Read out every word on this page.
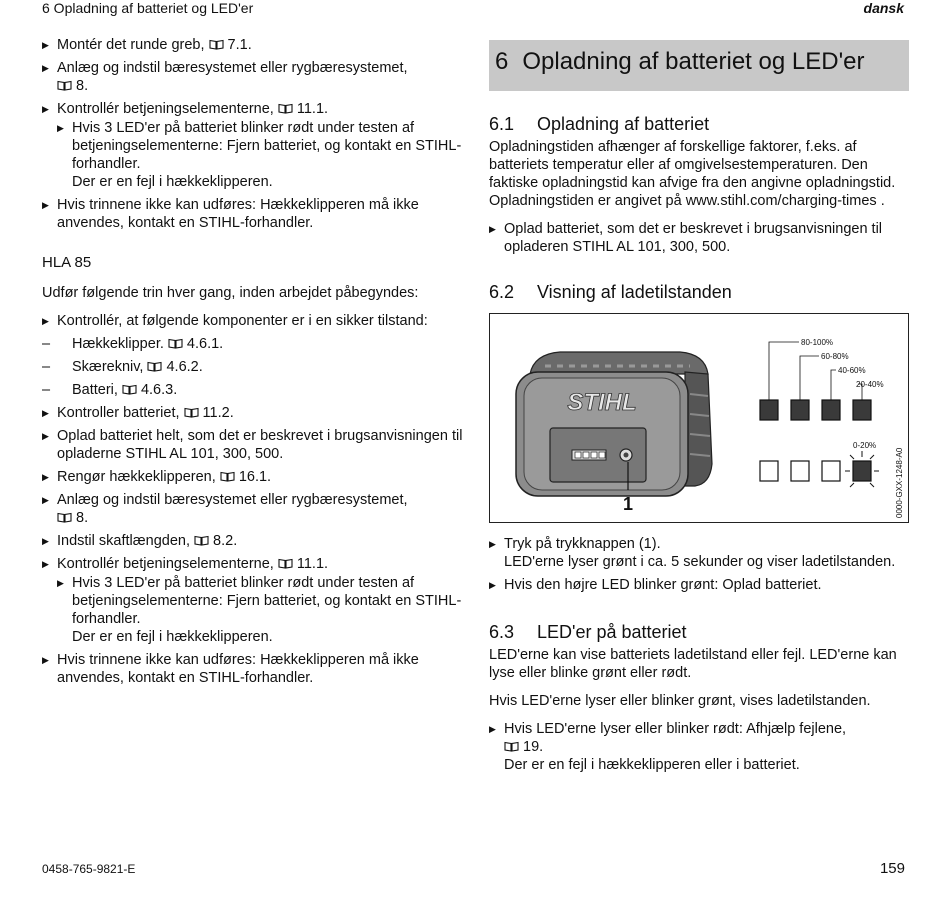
6 Opladning af batteriet og LED'er	dansk
▶ Montér det runde greb, 7.1.
▶ Anlæg og indstil bæresystemet eller rygbæresystemet,
8.
▶ Kontrollér betjeningselementerne, 11.1.
▶ Hvis 3 LED'er på batteriet blinker rødt under testen af betjeningselementerne: Fjern batteriet, og kontakt en STIHL-forhandler.
Der er en fejl i hækkeklipperen.
▶ Hvis trinnene ikke kan udføres: Hækkeklipperen må ikke anvendes, kontakt en STIHL-forhandler.
HLA 85
Udfør følgende trin hver gang, inden arbejdet påbegyndes:
▶ Kontrollér, at følgende komponenter er i en sikker tilstand:
– Hækkeklipper. 4.6.1.
– Skærekniv, 4.6.2.
– Batteri, 4.6.3.
▶ Kontroller batteriet, 11.2.
▶ Oplad batteriet helt, som det er beskrevet i brugsanvisningen til opladerne STIHL AL 101, 300, 500.
▶ Rengør hækkeklipperen, 16.1.
▶ Anlæg og indstil bæresystemet eller rygbæresystemet,
8.
▶ Indstil skaftlængden, 8.2.
▶ Kontrollér betjeningselementerne, 11.1.
▶ Hvis 3 LED'er på batteriet blinker rødt under testen af betjeningselementerne: Fjern batteriet, og kontakt en STIHL-forhandler.
Der er en fejl i hækkeklipperen.
▶ Hvis trinnene ikke kan udføres: Hækkeklipperen må ikke anvendes, kontakt en STIHL-forhandler.
6 Opladning af batteriet og LED'er
6.1 Opladning af batteriet
Opladningstiden afhænger af forskellige faktorer, f.eks. af batteriets temperatur eller af omgivelsestemperaturen. Den faktiske opladningstid kan afvige fra den angivne opladningstid. Opladningstiden er angivet på www.stihl.com/charging-times .
▶ Oplad batteriet, som det er beskrevet i brugsanvisningen til opladeren STIHL AL 101, 300, 500.
6.2 Visning af ladetilstanden
STIHL
1
80-100%
60-80%
40-60%
20-40%
0-20%
0000-GXX-1248-A0
▶ Tryk på trykknappen (1).
LED'erne lyser grønt i ca. 5 sekunder og viser ladetilstanden.
▶ Hvis den højre LED blinker grønt: Oplad batteriet.
6.3 LED'er på batteriet
LED'erne kan vise batteriets ladetilstand eller fejl. LED'erne kan lyse eller blinke grønt eller rødt.
Hvis LED'erne lyser eller blinker grønt, vises ladetilstanden.
▶ Hvis LED'erne lyser eller blinker rødt: Afhjælp fejlene,
19.
Der er en fejl i hækkeklipperen eller i batteriet.
0458-765-9821-E	159
